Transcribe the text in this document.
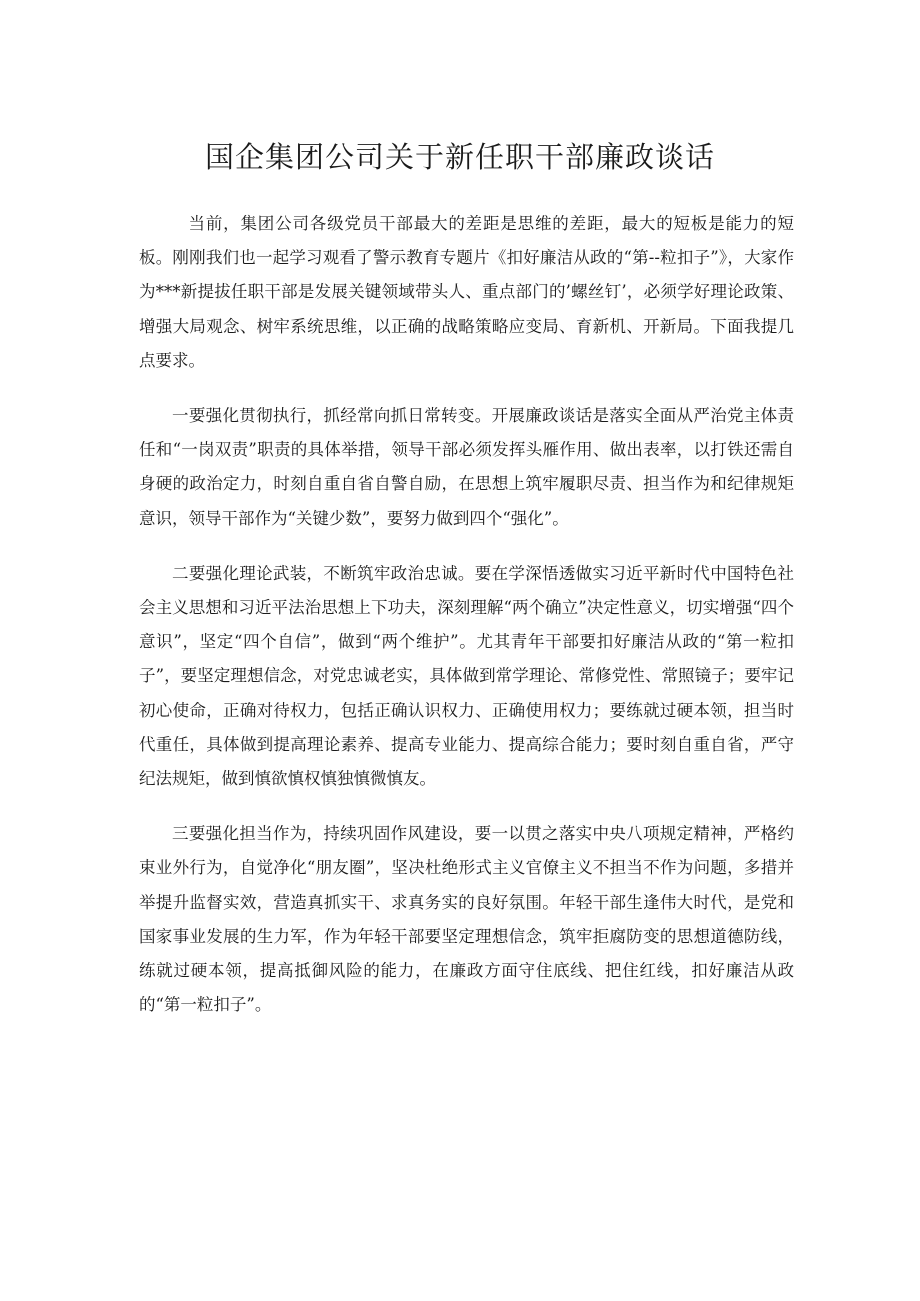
国企集团公司关于新任职干部廉政谈话

当前，集团公司各级党员干部最大的差距是思维的差距，最大的短板是能力的短板。刚刚我们也一起学习观看了警示教育专题片《扣好廉洁从政的“第--粒扣子”》，大家作为***新提拔任职干部是发展关键领域带头人、重点部门的’螺丝钉’，必须学好理论政策、增强大局观念、树牢系统思维，以正确的战略策略应变局、育新机、开新局。下面我提几点要求。

一要强化贯彻执行，抓经常向抓日常转变。开展廉政谈话是落实全面从严治党主体责任和“一岗双责”职责的具体举措，领导干部必须发挥头雁作用、做出表率，以打铁还需自身硬的政治定力，时刻自重自省自警自励，在思想上筑牢履职尽责、担当作为和纪律规矩意识，领导干部作为“关键少数”，要努力做到四个“强化”。

二要强化理论武装，不断筑牢政治忠诚。要在学深悟透做实习近平新时代中国特色社会主义思想和习近平法治思想上下功夫，深刻理解“两个确立”决定性意义，切实增强“四个意识”，坚定“四个自信”，做到“两个维护”。尤其青年干部要扣好廉洁从政的“第一粒扣子”，要坚定理想信念，对党忠诚老实，具体做到常学理论、常修党性、常照镜子；要牢记初心使命，正确对待权力，包括正确认识权力、正确使用权力；要练就过硬本领，担当时代重任，具体做到提高理论素养、提高专业能力、提高综合能力；要时刻自重自省，严守纪法规矩，做到慎欲慎权慎独慎微慎友。

三要强化担当作为，持续巩固作风建设，要一以贯之落实中央八项规定精神，严格约束业外行为，自觉净化“朋友圈”，坚决杜绝形式主义官僚主义不担当不作为问题，多措并举提升监督实效，营造真抓实干、求真务实的良好氛围。年轻干部生逢伟大时代，是党和国家事业发展的生力军，作为年轻干部要坚定理想信念，筑牢拒腐防变的思想道德防线，练就过硬本领，提高抵御风险的能力，在廉政方面守住底线、把住红线，扣好廉洁从政的“第一粒扣子”。
